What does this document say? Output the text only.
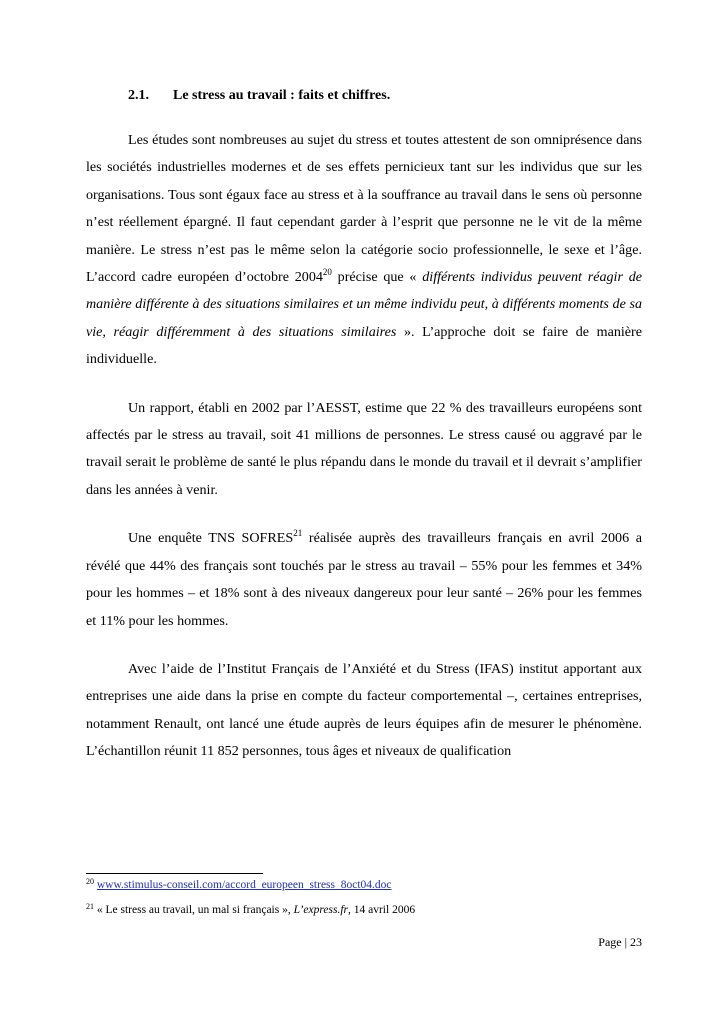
2.1. Le stress au travail : faits et chiffres.

Les études sont nombreuses au sujet du stress et toutes attestent de son omniprésence dans les sociétés industrielles modernes et de ses effets pernicieux tant sur les individus que sur les organisations. Tous sont égaux face au stress et à la souffrance au travail dans le sens où personne n’est réellement épargné. Il faut cependant garder à l’esprit que personne ne le vit de la même manière. Le stress n’est pas le même selon la catégorie socio professionnelle, le sexe et l’âge. L’accord cadre européen d’octobre 2004$^{20}$ précise que « différents individus peuvent réagir de manière différente à des situations similaires et un même individu peut, à différents moments de sa vie, réagir différemment à des situations similaires ». L’approche doit se faire de manière individuelle.

Un rapport, établi en 2002 par l’AESST, estime que 22 % des travailleurs européens sont affectés par le stress au travail, soit 41 millions de personnes. Le stress causé ou aggravé par le travail serait le problème de santé le plus répandu dans le monde du travail et il devrait s’amplifier dans les années à venir.

Une enquête TNS SOFRES$^{21}$ réalisée auprès des travailleurs français en avril 2006 a révélé que 44% des français sont touchés par le stress au travail – 55% pour les femmes et 34% pour les hommes – et 18% sont à des niveaux dangereux pour leur santé – 26% pour les femmes et 11% pour les hommes.

Avec l’aide de l’Institut Français de l’Anxiété et du Stress (IFAS) institut apportant aux entreprises une aide dans la prise en compte du facteur comportemental –, certaines entreprises, notamment Renault, ont lancé une étude auprès de leurs équipes afin de mesurer le phénomène. L’échantillon réunit 11 852 personnes, tous âges et niveaux de qualification

$^{20}$ www.stimulus-conseil.com/accord_europeen_stress_8oct04.doc
$^{21}$ « Le stress au travail, un mal si français », L’express.fr, 14 avril 2006
Page | 23
